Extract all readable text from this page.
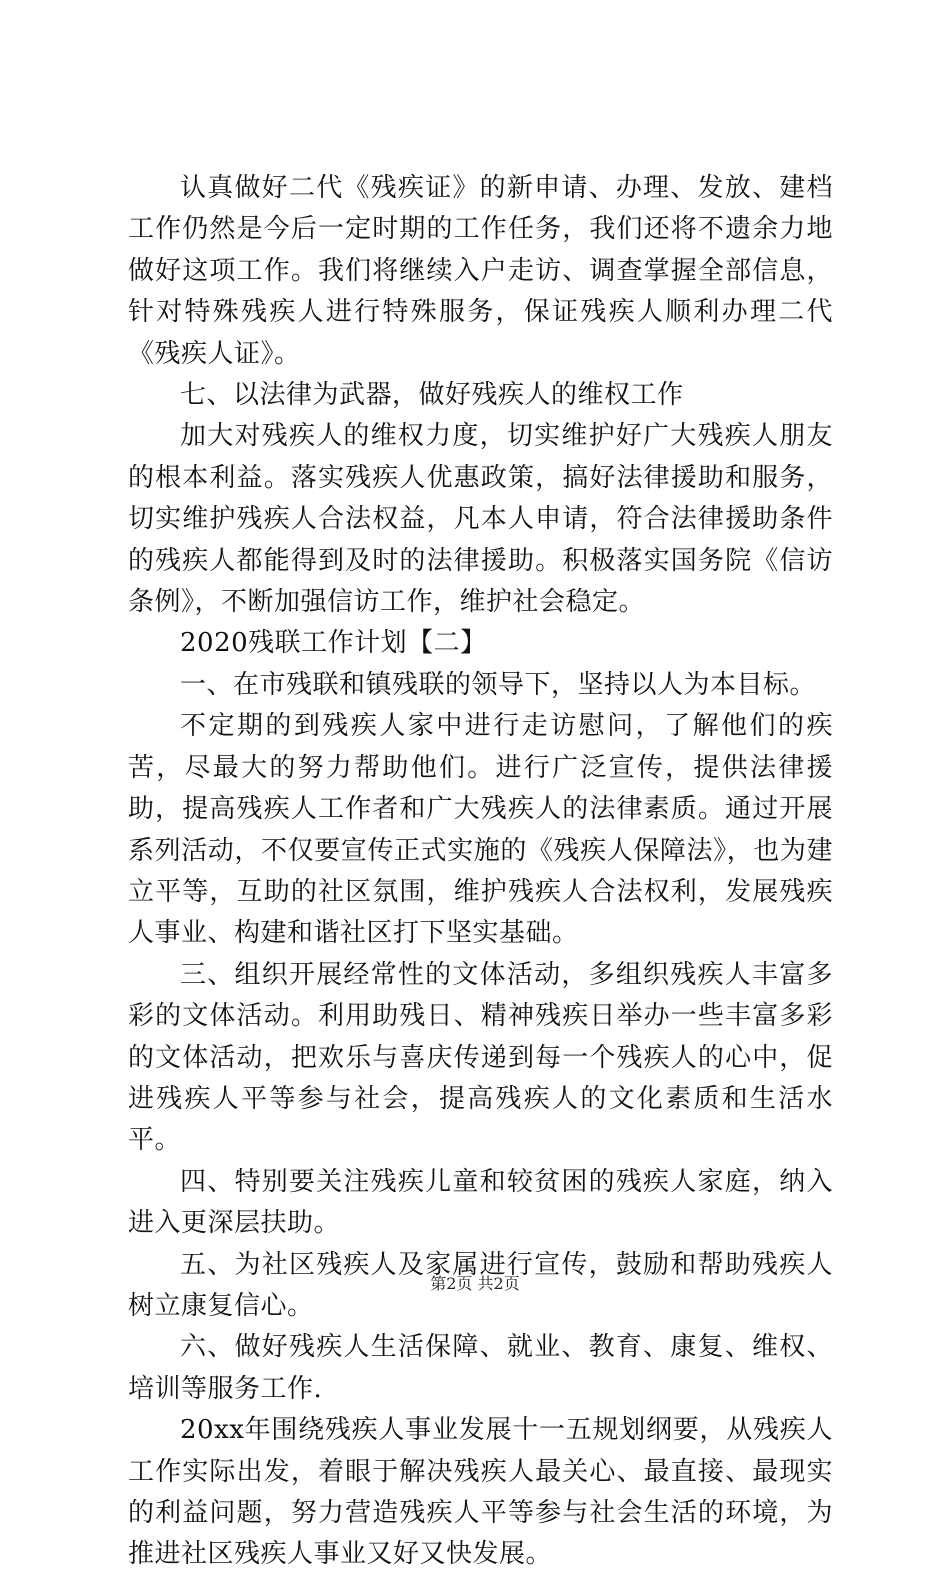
认真做好二代《残疾证》的新申请、办理、发放、建档工作仍然是今后一定时期的工作任务，我们还将不遗余力地做好这项工作。我们将继续入户走访、调查掌握全部信息，针对特殊残疾人进行特殊服务，保证残疾人顺利办理二代《残疾人证》。

七、以法律为武器，做好残疾人的维权工作

加大对残疾人的维权力度，切实维护好广大残疾人朋友的根本利益。落实残疾人优惠政策，搞好法律援助和服务，切实维护残疾人合法权益，凡本人申请，符合法律援助条件的残疾人都能得到及时的法律援助。积极落实国务院《信访条例》，不断加强信访工作，维护社会稳定。

2020残联工作计划【二】

一、在市残联和镇残联的领导下，坚持以人为本目标。

不定期的到残疾人家中进行走访慰问，了解他们的疾苦，尽最大的努力帮助他们。进行广泛宣传，提供法律援助，提高残疾人工作者和广大残疾人的法律素质。通过开展系列活动，不仅要宣传正式实施的《残疾人保障法》，也为建立平等，互助的社区氛围，维护残疾人合法权利，发展残疾人事业、构建和谐社区打下坚实基础。

三、组织开展经常性的文体活动，多组织残疾人丰富多彩的文体活动。利用助残日、精神残疾日举办一些丰富多彩的文体活动，把欢乐与喜庆传递到每一个残疾人的心中，促进残疾人平等参与社会，提高残疾人的文化素质和生活水平。

四、特别要关注残疾儿童和较贫困的残疾人家庭，纳入进入更深层扶助。

五、为社区残疾人及家属进行宣传，鼓励和帮助残疾人树立康复信心。

六、做好残疾人生活保障、就业、教育、康复、维权、培训等服务工作.

20xx年围绕残疾人事业发展十一五规划纲要，从残疾人工作实际出发，着眼于解决残疾人最关心、最直接、最现实的利益问题，努力营造残疾人平等参与社会生活的环境，为推进社区残疾人事业又好又快发展。

第2页 共2页
